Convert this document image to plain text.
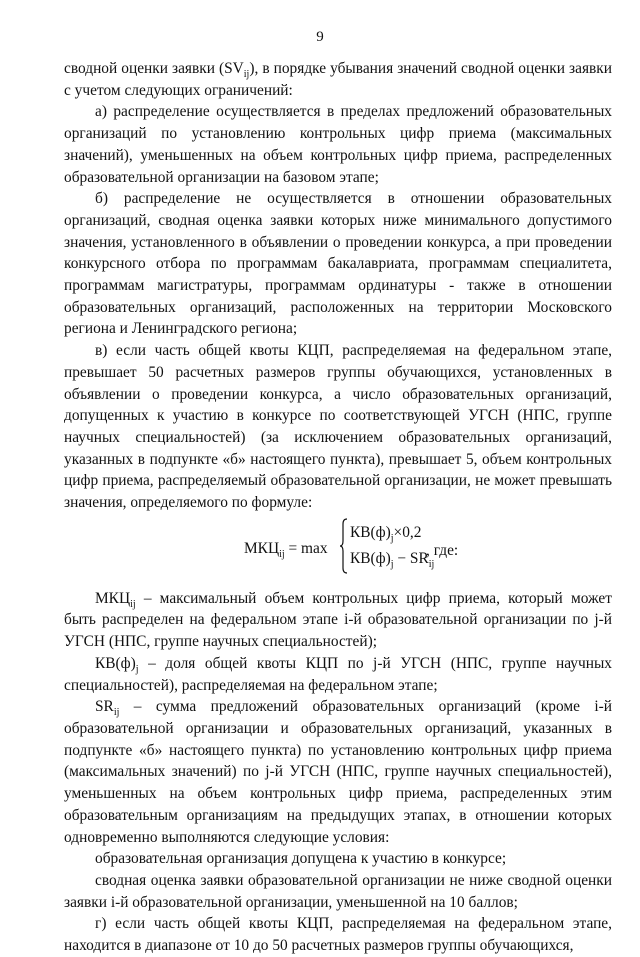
9

сводной оценки заявки $(SV_{ij})$, в порядке убывания значений сводной оценки заявки с учетом следующих ограничений:

а) распределение осуществляется в пределах предложений образовательных организаций по установлению контрольных цифр приема (максимальных значений), уменьшенных на объем контрольных цифр приема, распределенных образовательной организации на базовом этапе;

б) распределение не осуществляется в отношении образовательных организаций, сводная оценка заявки которых ниже минимального допустимого значения, установленного в объявлении о проведении конкурса, а при проведении конкурсного отбора по программам бакалавриата, программам специалитета, программам магистратуры, программам ординатуры - также в отношении образовательных организаций, расположенных на территории Московского региона и Ленинградского региона;

в) если часть общей квоты КЦП, распределяемая на федеральном этапе, превышает 50 расчетных размеров группы обучающихся, установленных в объявлении о проведении конкурса, а число образовательных организаций, допущенных к участию в конкурсе по соответствующей УГСН (НПС, группе научных специальностей) (за исключением образовательных организаций, указанных в подпункте «б» настоящего пункта), превышает 5, объем контрольных цифр приема, распределяемый образовательной организации, не может превышать значения, определяемого по формуле:

$МКЦ_{ij} = \max$
$КВ(ф)_j\times 0,2$
$КВ(ф)_j - SR_{ij}$
, где:

$МКЦ_{ij}$ – максимальный объем контрольных цифр приема, который может быть распределен на федеральном этапе i-й образовательной организации по j-й УГСН (НПС, группе научных специальностей);

$КВ(ф)_j$ – доля общей квоты КЦП по j-й УГСН (НПС, группе научных специальностей), распределяемая на федеральном этапе;

$SR_{ij}$ – сумма предложений образовательных организаций (кроме i-й образовательной организации и образовательных организаций, указанных в подпункте «б» настоящего пункта) по установлению контрольных цифр приема (максимальных значений) по j-й УГСН (НПС, группе научных специальностей), уменьшенных на объем контрольных цифр приема, распределенных этим образовательным организациям на предыдущих этапах, в отношении которых одновременно выполняются следующие условия:

образовательная организация допущена к участию в конкурсе;

сводная оценка заявки образовательной организации не ниже сводной оценки заявки i-й образовательной организации, уменьшенной на 10 баллов;

г) если часть общей квоты КЦП, распределяемая на федеральном этапе, находится в диапазоне от 10 до 50 расчетных размеров группы обучающихся,
